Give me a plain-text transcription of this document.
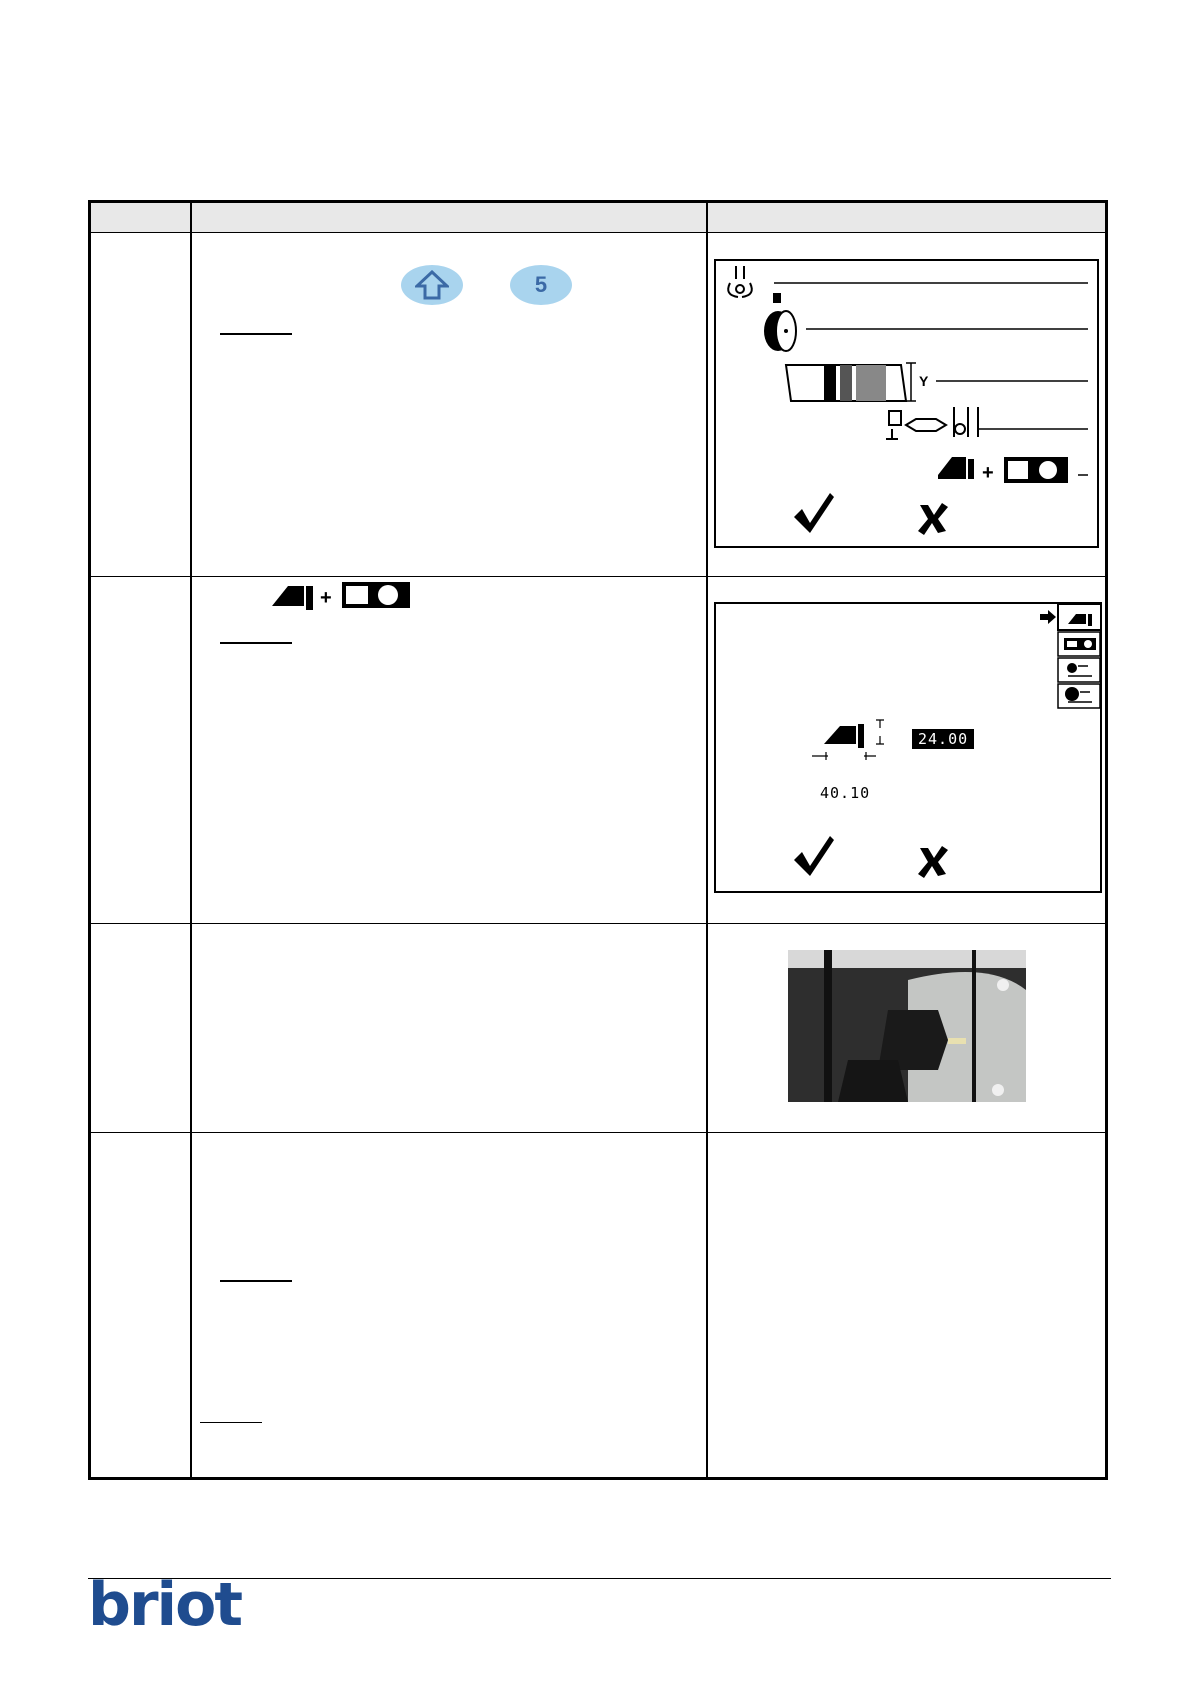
5
Y
+
+
24.00
40.10
briot
